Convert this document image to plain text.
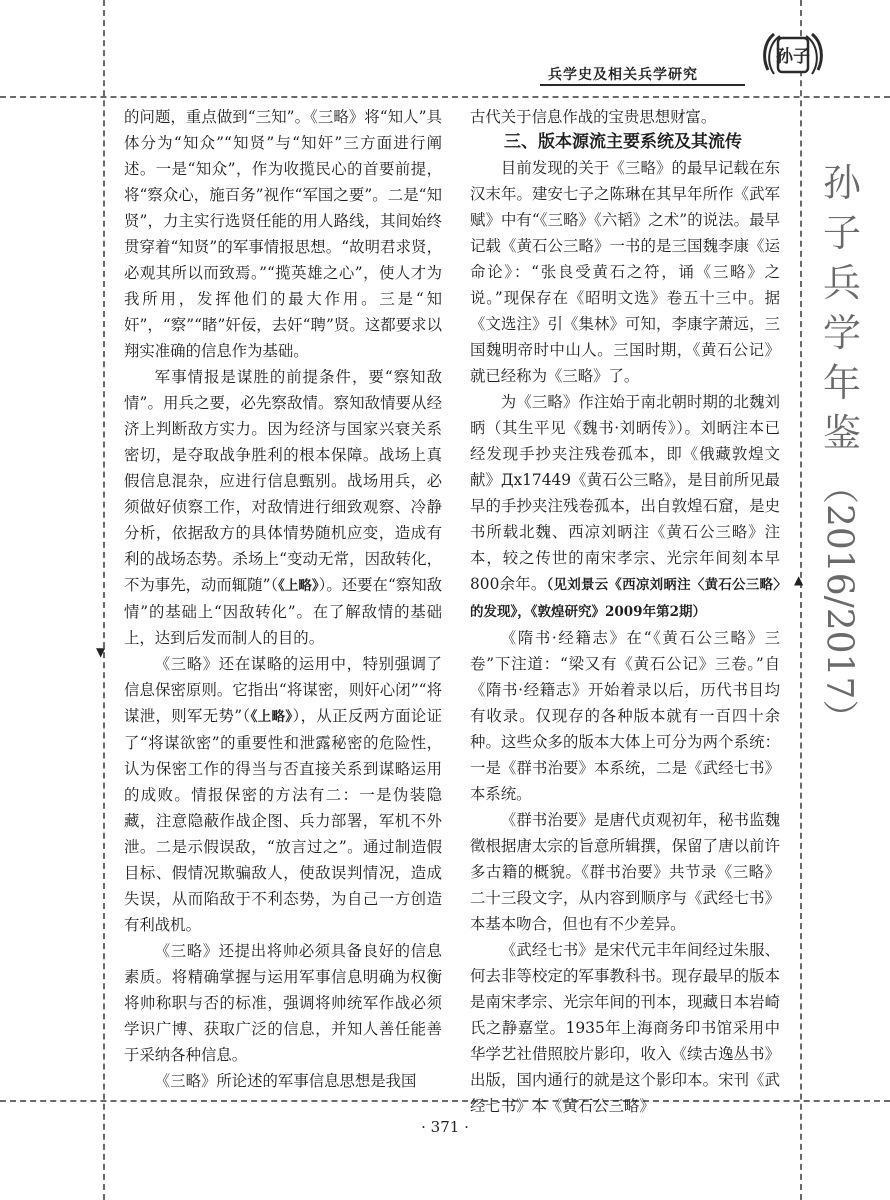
兵学史及相关兵学研究
孙子

的问题，重点做到“三知”。《三略》将“知人”具体分为“知众”“知贤”与“知奸”三方面进行阐述。一是“知众”，作为收揽民心的首要前提，将“察众心，施百务”视作“军国之要”。二是“知贤”，力主实行选贤任能的用人路线，其间始终贯穿着“知贤”的军事情报思想。“故明君求贤，必观其所以而致焉。”“揽英雄之心”，使人才为我所用，发挥他们的最大作用。三是“知奸”，“察”“睹”奸佞，去奸“聘”贤。这都要求以翔实准确的信息作为基础。

军事情报是谋胜的前提条件，要“察知敌情”。用兵之要，必先察敌情。察知敌情要从经济上判断敌方实力。因为经济与国家兴衰关系密切，是夺取战争胜利的根本保障。战场上真假信息混杂，应进行信息甄别。战场用兵，必须做好侦察工作，对敌情进行细致观察、冷静分析，依据敌方的具体情势随机应变，造成有利的战场态势。杀场上“变动无常，因敌转化，不为事先，动而辄随”（《上略》）。还要在“察知敌情”的基础上“因敌转化”。在了解敌情的基础上，达到后发而制人的目的。

《三略》还在谋略的运用中，特别强调了信息保密原则。它指出“将谋密，则奸心闭”“将谋泄，则军无势”（《上略》），从正反两方面论证了“将谋欲密”的重要性和泄露秘密的危险性，认为保密工作的得当与否直接关系到谋略运用的成败。情报保密的方法有二：一是伪装隐藏，注意隐蔽作战企图、兵力部署，军机不外泄。二是示假误敌，“放言过之”。通过制造假目标、假情况欺骗敌人，使敌误判情况，造成失误，从而陷敌于不利态势，为自己一方创造有利战机。

《三略》还提出将帅必须具备良好的信息素质。将精确掌握与运用军事信息明确为权衡将帅称职与否的标准，强调将帅统军作战必须学识广博、获取广泛的信息，并知人善任能善于采纳各种信息。

《三略》所论述的军事信息思想是我国

古代关于信息作战的宝贵思想财富。

三、版本源流主要系统及其流传

目前发现的关于《三略》的最早记载在东汉末年。建安七子之陈琳在其早年所作《武军赋》中有“《三略》《六韬》之术”的说法。最早记载《黄石公三略》一书的是三国魏李康《运命论》：“张良受黄石之符，诵《三略》之说。”现保存在《昭明文选》卷五十三中。据《文选注》引《集林》可知，李康字萧远，三国魏明帝时中山人。三国时期，《黄石公记》就已经称为《三略》了。

为《三略》作注始于南北朝时期的北魏刘昞（其生平见《魏书·刘昞传》）。刘昞注本已经发现手抄夹注残卷孤本，即《俄藏敦煌文献》Дх17449《黄石公三略》，是目前所见最早的手抄夹注残卷孤本，出自敦煌石窟，是史书所载北魏、西凉刘昞注《黄石公三略》注本，较之传世的南宋孝宗、光宗年间刻本早800余年。（见刘景云《西凉刘昞注〈黄石公三略〉的发现》，《敦煌研究》2009年第2期）

《隋书·经籍志》在“《黄石公三略》三卷”下注道：“梁又有《黄石公记》三卷。”自《隋书·经籍志》开始着录以后，历代书目均有收录。仅现存的各种版本就有一百四十余种。这些众多的版本大体上可分为两个系统：一是《群书治要》本系统，二是《武经七书》本系统。

《群书治要》是唐代贞观初年，秘书监魏徵根据唐太宗的旨意所辑撰，保留了唐以前许多古籍的概貌。《群书治要》共节录《三略》二十三段文字，从内容到顺序与《武经七书》本基本吻合，但也有不少差异。

《武经七书》是宋代元丰年间经过朱服、何去非等校定的军事教科书。现存最早的版本是南宋孝宗、光宗年间的刊本，现藏日本岩崎氏之静嘉堂。1935年上海商务印书馆采用中华学艺社借照胶片影印，收入《续古逸丛书》出版，国内通行的就是这个影印本。宋刊《武经七书》本《黄石公三略》

孙
子
兵
学
年
鉴
（2016/2017）
▼
▲
· 371 ·
